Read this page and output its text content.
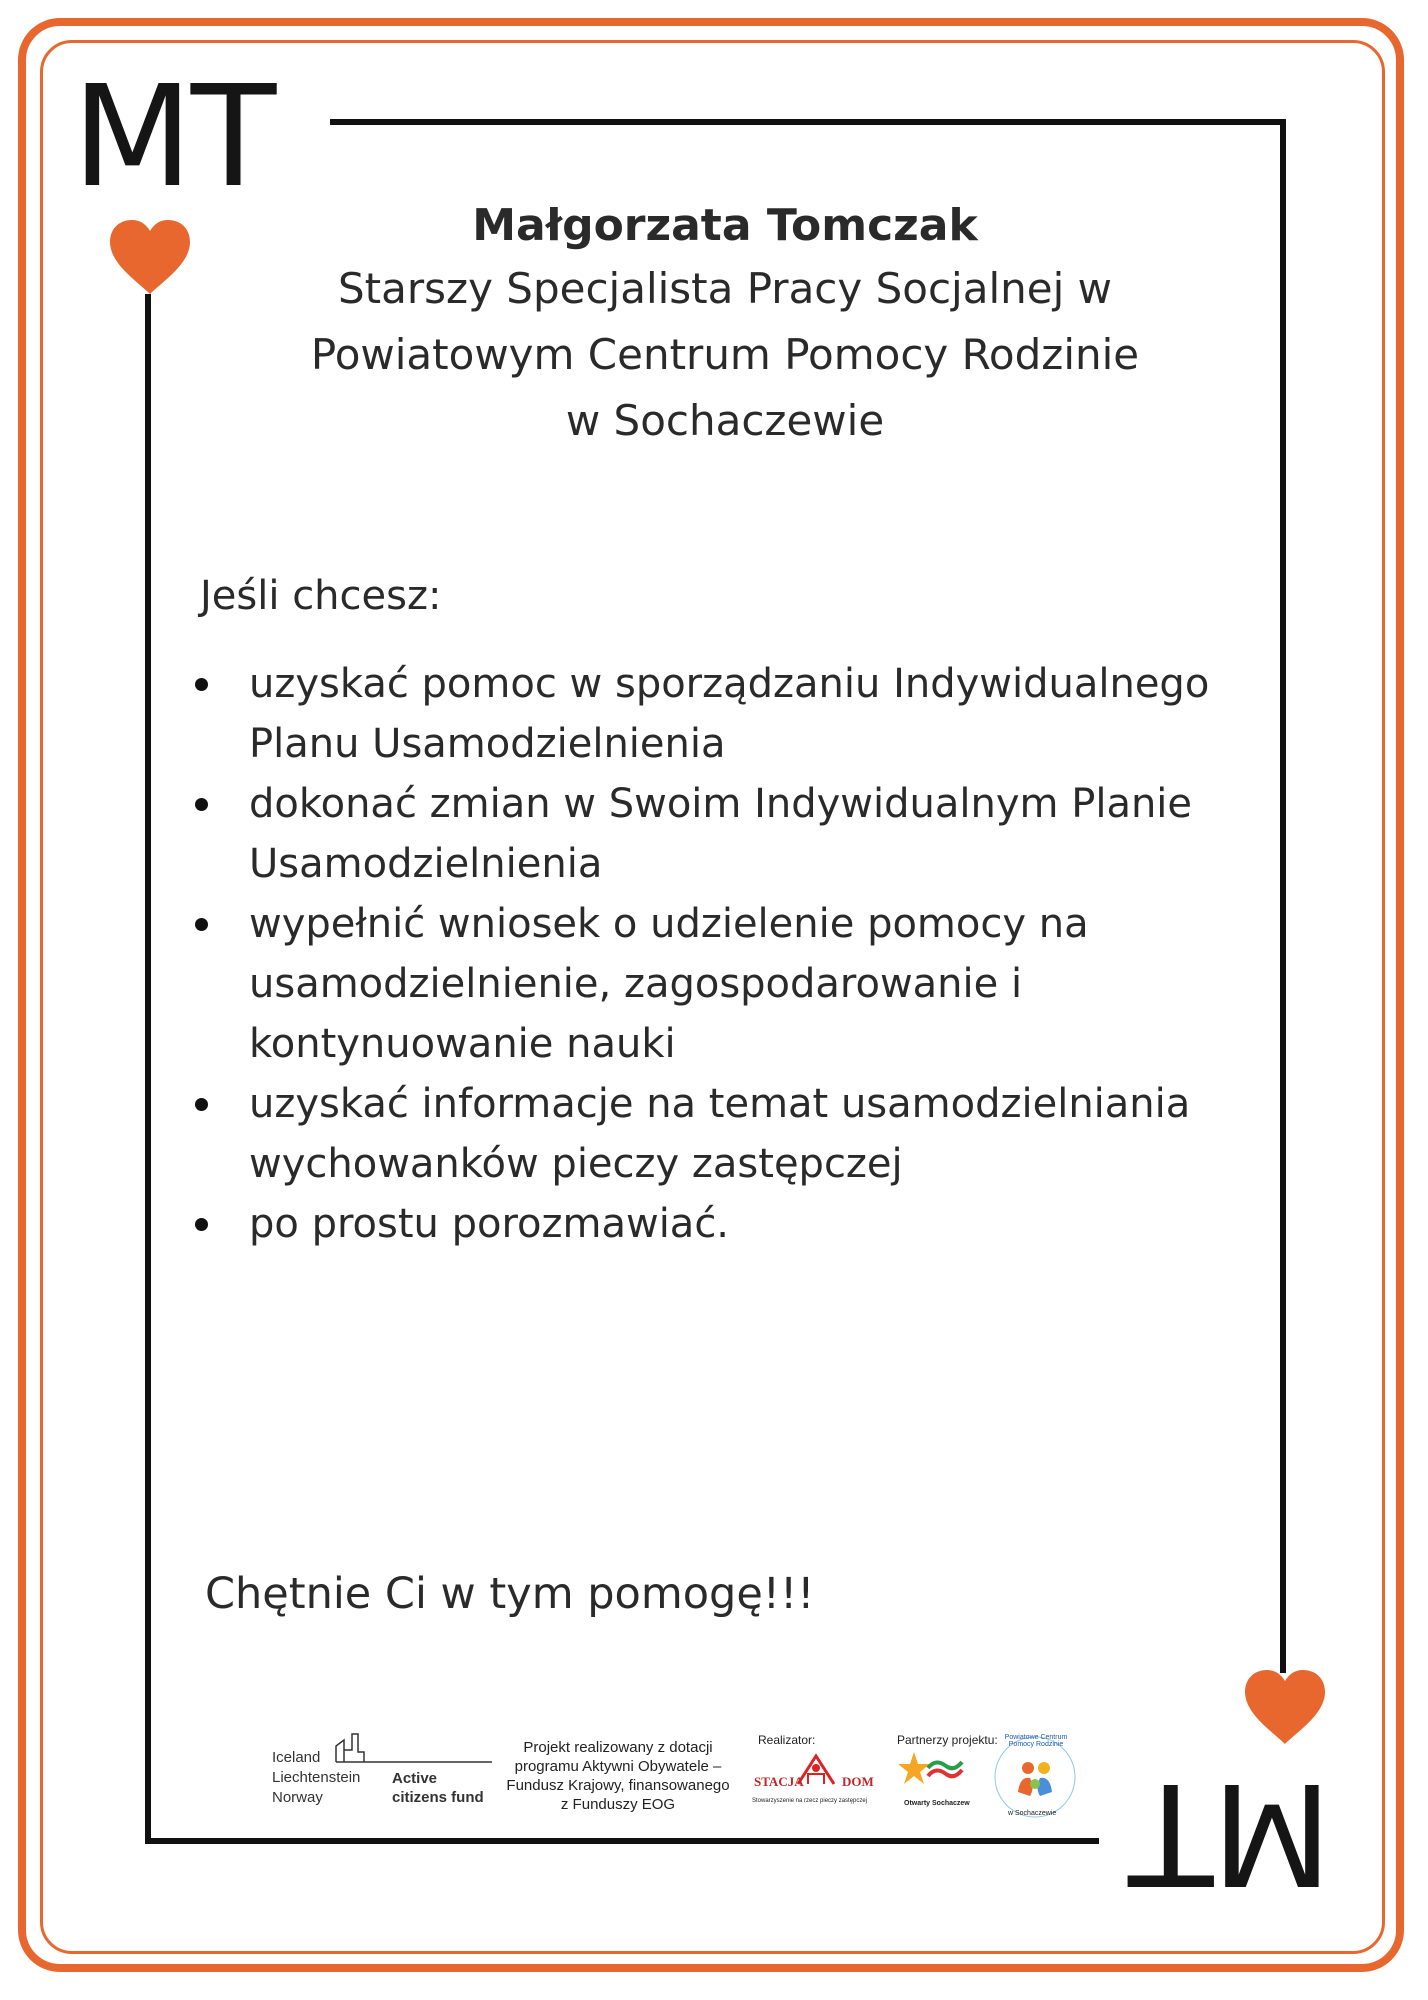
MT
MT
Małgorzata Tomczak
Starszy Specjalista Pracy Socjalnej w
Powiatowym Centrum Pomocy Rodzinie
w Sochaczewie
Jeśli chcesz:
uzyskać pomoc w sporządzaniu Indywidualnego
Planu Usamodzielnienia
dokonać zmian w Swoim Indywidualnym Planie
Usamodzielnienia
wypełnić wniosek o udzielenie pomocy na
usamodzielnienie, zagospodarowanie i
kontynuowanie nauki
uzyskać informacje na temat usamodzielniania
wychowanków pieczy zastępczej
po prostu porozmawiać.
Chętnie Ci w tym pomogę!!!
Iceland
Liechtenstein
Norway
Active
citizens fund
Projekt realizowany z dotacji
programu Aktywni Obywatele –
Fundusz Krajowy, finansowanego
z Funduszy EOG
Realizator:	Partnerzy projektu:
STACJA	DOM
Stowarzyszenie na rzecz pieczy zastępczej	Otwarty Sochaczew
Powiatowe Centrum Pomocy Rodzinie
w Sochaczewie
